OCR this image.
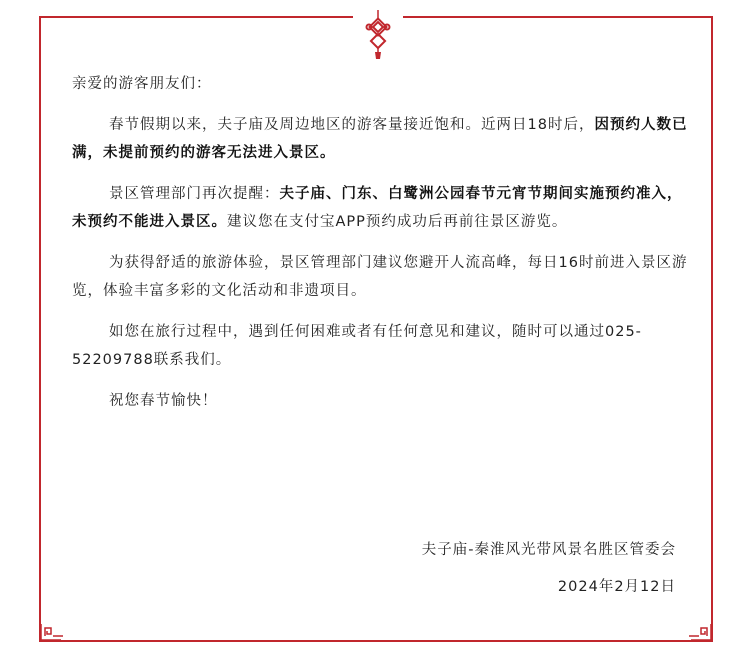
亲爱的游客朋友们：

春节假期以来，夫子庙及周边地区的游客量接近饱和。近两日18时后，因预约人数已满，未提前预约的游客无法进入景区。

景区管理部门再次提醒：夫子庙、门东、白鹭洲公园春节元宵节期间实施预约准入，未预约不能进入景区。建议您在支付宝APP预约成功后再前往景区游览。

为获得舒适的旅游体验，景区管理部门建议您避开人流高峰，每日16时前进入景区游览，体验丰富多彩的文化活动和非遗项目。

如您在旅行过程中，遇到任何困难或者有任何意见和建议，随时可以通过025-52209788联系我们。

祝您春节愉快！

夫子庙-秦淮风光带风景名胜区管委会

2024年2月12日
